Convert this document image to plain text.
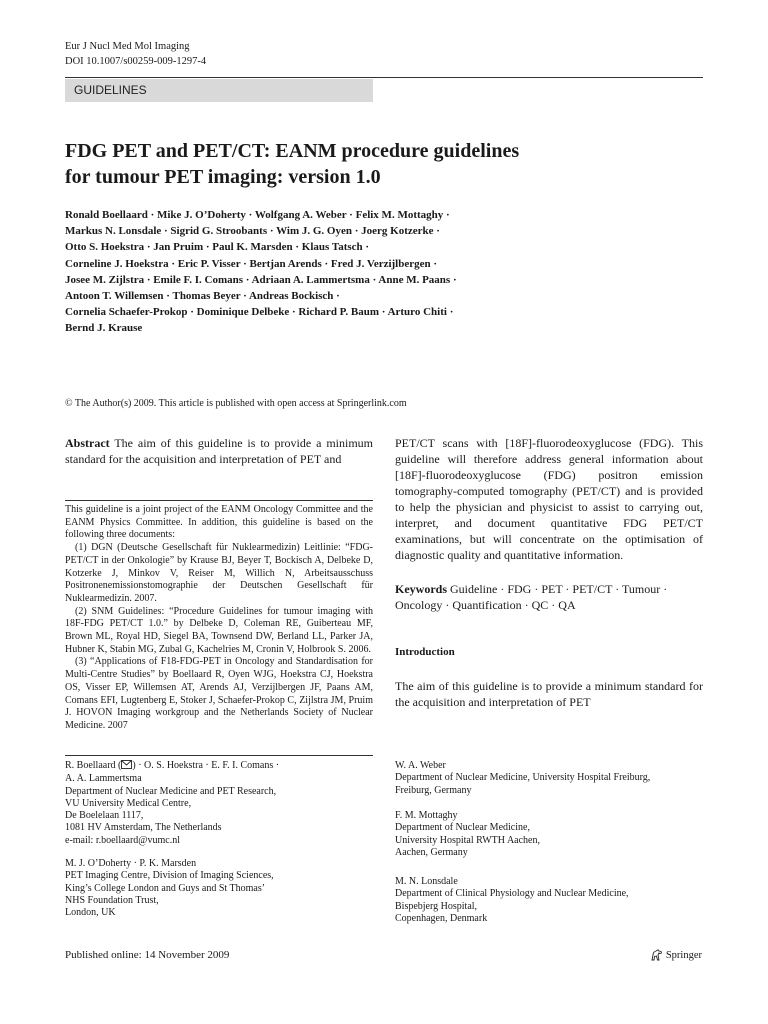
Eur J Nucl Med Mol Imaging
DOI 10.1007/s00259-009-1297-4
GUIDELINES
FDG PET and PET/CT: EANM procedure guidelines
for tumour PET imaging: version 1.0
Ronald Boellaard · Mike J. O’Doherty · Wolfgang A. Weber · Felix M. Mottaghy ·
Markus N. Lonsdale · Sigrid G. Stroobants · Wim J. G. Oyen · Joerg Kotzerke ·
Otto S. Hoekstra · Jan Pruim · Paul K. Marsden · Klaus Tatsch ·
Corneline J. Hoekstra · Eric P. Visser · Bertjan Arends · Fred J. Verzijlbergen ·
Josee M. Zijlstra · Emile F. I. Comans · Adriaan A. Lammertsma · Anne M. Paans ·
Antoon T. Willemsen · Thomas Beyer · Andreas Bockisch ·
Cornelia Schaefer-Prokop · Dominique Delbeke · Richard P. Baum · Arturo Chiti ·
Bernd J. Krause
© The Author(s) 2009. This article is published with open access at Springerlink.com
Abstract The aim of this guideline is to provide a minimum standard for the acquisition and interpretation of PET and

This guideline is a joint project of the EANM Oncology Committee and the EANM Physics Committee. In addition, this guideline is based on the following three documents:

(1) DGN (Deutsche Gesellschaft für Nuklearmedizin) Leitlinie: “FDG-PET/CT in der Onkologie” by Krause BJ, Beyer T, Bockisch A, Delbeke D, Kotzerke J, Minkov V, Reiser M, Willich N, Arbeitsausschuss Positronenemissionstomographie der Deutschen Gesellschaft für Nuklearmedizin. 2007.

(2) SNM Guidelines: “Procedure Guidelines for tumour imaging with 18F-FDG PET/CT 1.0.” by Delbeke D, Coleman RE, Guiberteau MF, Brown ML, Royal HD, Siegel BA, Townsend DW, Berland LL, Parker JA, Hubner K, Stabin MG, Zubal G, Kachelries M, Cronin V, Holbrook S. 2006.

(3) “Applications of F18-FDG-PET in Oncology and Standardisation for Multi-Centre Studies” by Boellaard R, Oyen WJG, Hoekstra CJ, Hoekstra OS, Visser EP, Willemsen AT, Arends AJ, Verzijlbergen JF, Paans AM, Comans EFI, Lugtenberg E, Stoker J, Schaefer-Prokop C, Zijlstra JM, Pruim J. HOVON Imaging workgroup and the Netherlands Society of Nuclear Medicine. 2007

R. Boellaard ( ) · O. S. Hoekstra · E. F. I. Comans ·
A. A. Lammertsma
Department of Nuclear Medicine and PET Research,
VU University Medical Centre,
De Boelelaan 1117,
1081 HV Amsterdam, The Netherlands
e-mail: r.boellaard@vumc.nl
M. J. O’Doherty · P. K. Marsden
PET Imaging Centre, Division of Imaging Sciences,
King’s College London and Guys and St Thomas’
NHS Foundation Trust,
London, UK
PET/CT scans with [18F]-fluorodeoxyglucose (FDG). This guideline will therefore address general information about [18F]-fluorodeoxyglucose (FDG) positron emission tomography-computed tomography (PET/CT) and is provided to help the physician and physicist to assist to carrying out, interpret, and document quantitative FDG PET/CT examinations, but will concentrate on the optimisation of diagnostic quality and quantitative information.
Keywords Guideline · FDG · PET · PET/CT · Tumour · Oncology · Quantification · QC · QA
Introduction
The aim of this guideline is to provide a minimum standard for the acquisition and interpretation of PET
W. A. Weber
Department of Nuclear Medicine, University Hospital Freiburg,
Freiburg, Germany
F. M. Mottaghy
Department of Nuclear Medicine,
University Hospital RWTH Aachen,
Aachen, Germany
M. N. Lonsdale
Department of Clinical Physiology and Nuclear Medicine,
Bispebjerg Hospital,
Copenhagen, Denmark
Published online: 14 November 2009	Springer
